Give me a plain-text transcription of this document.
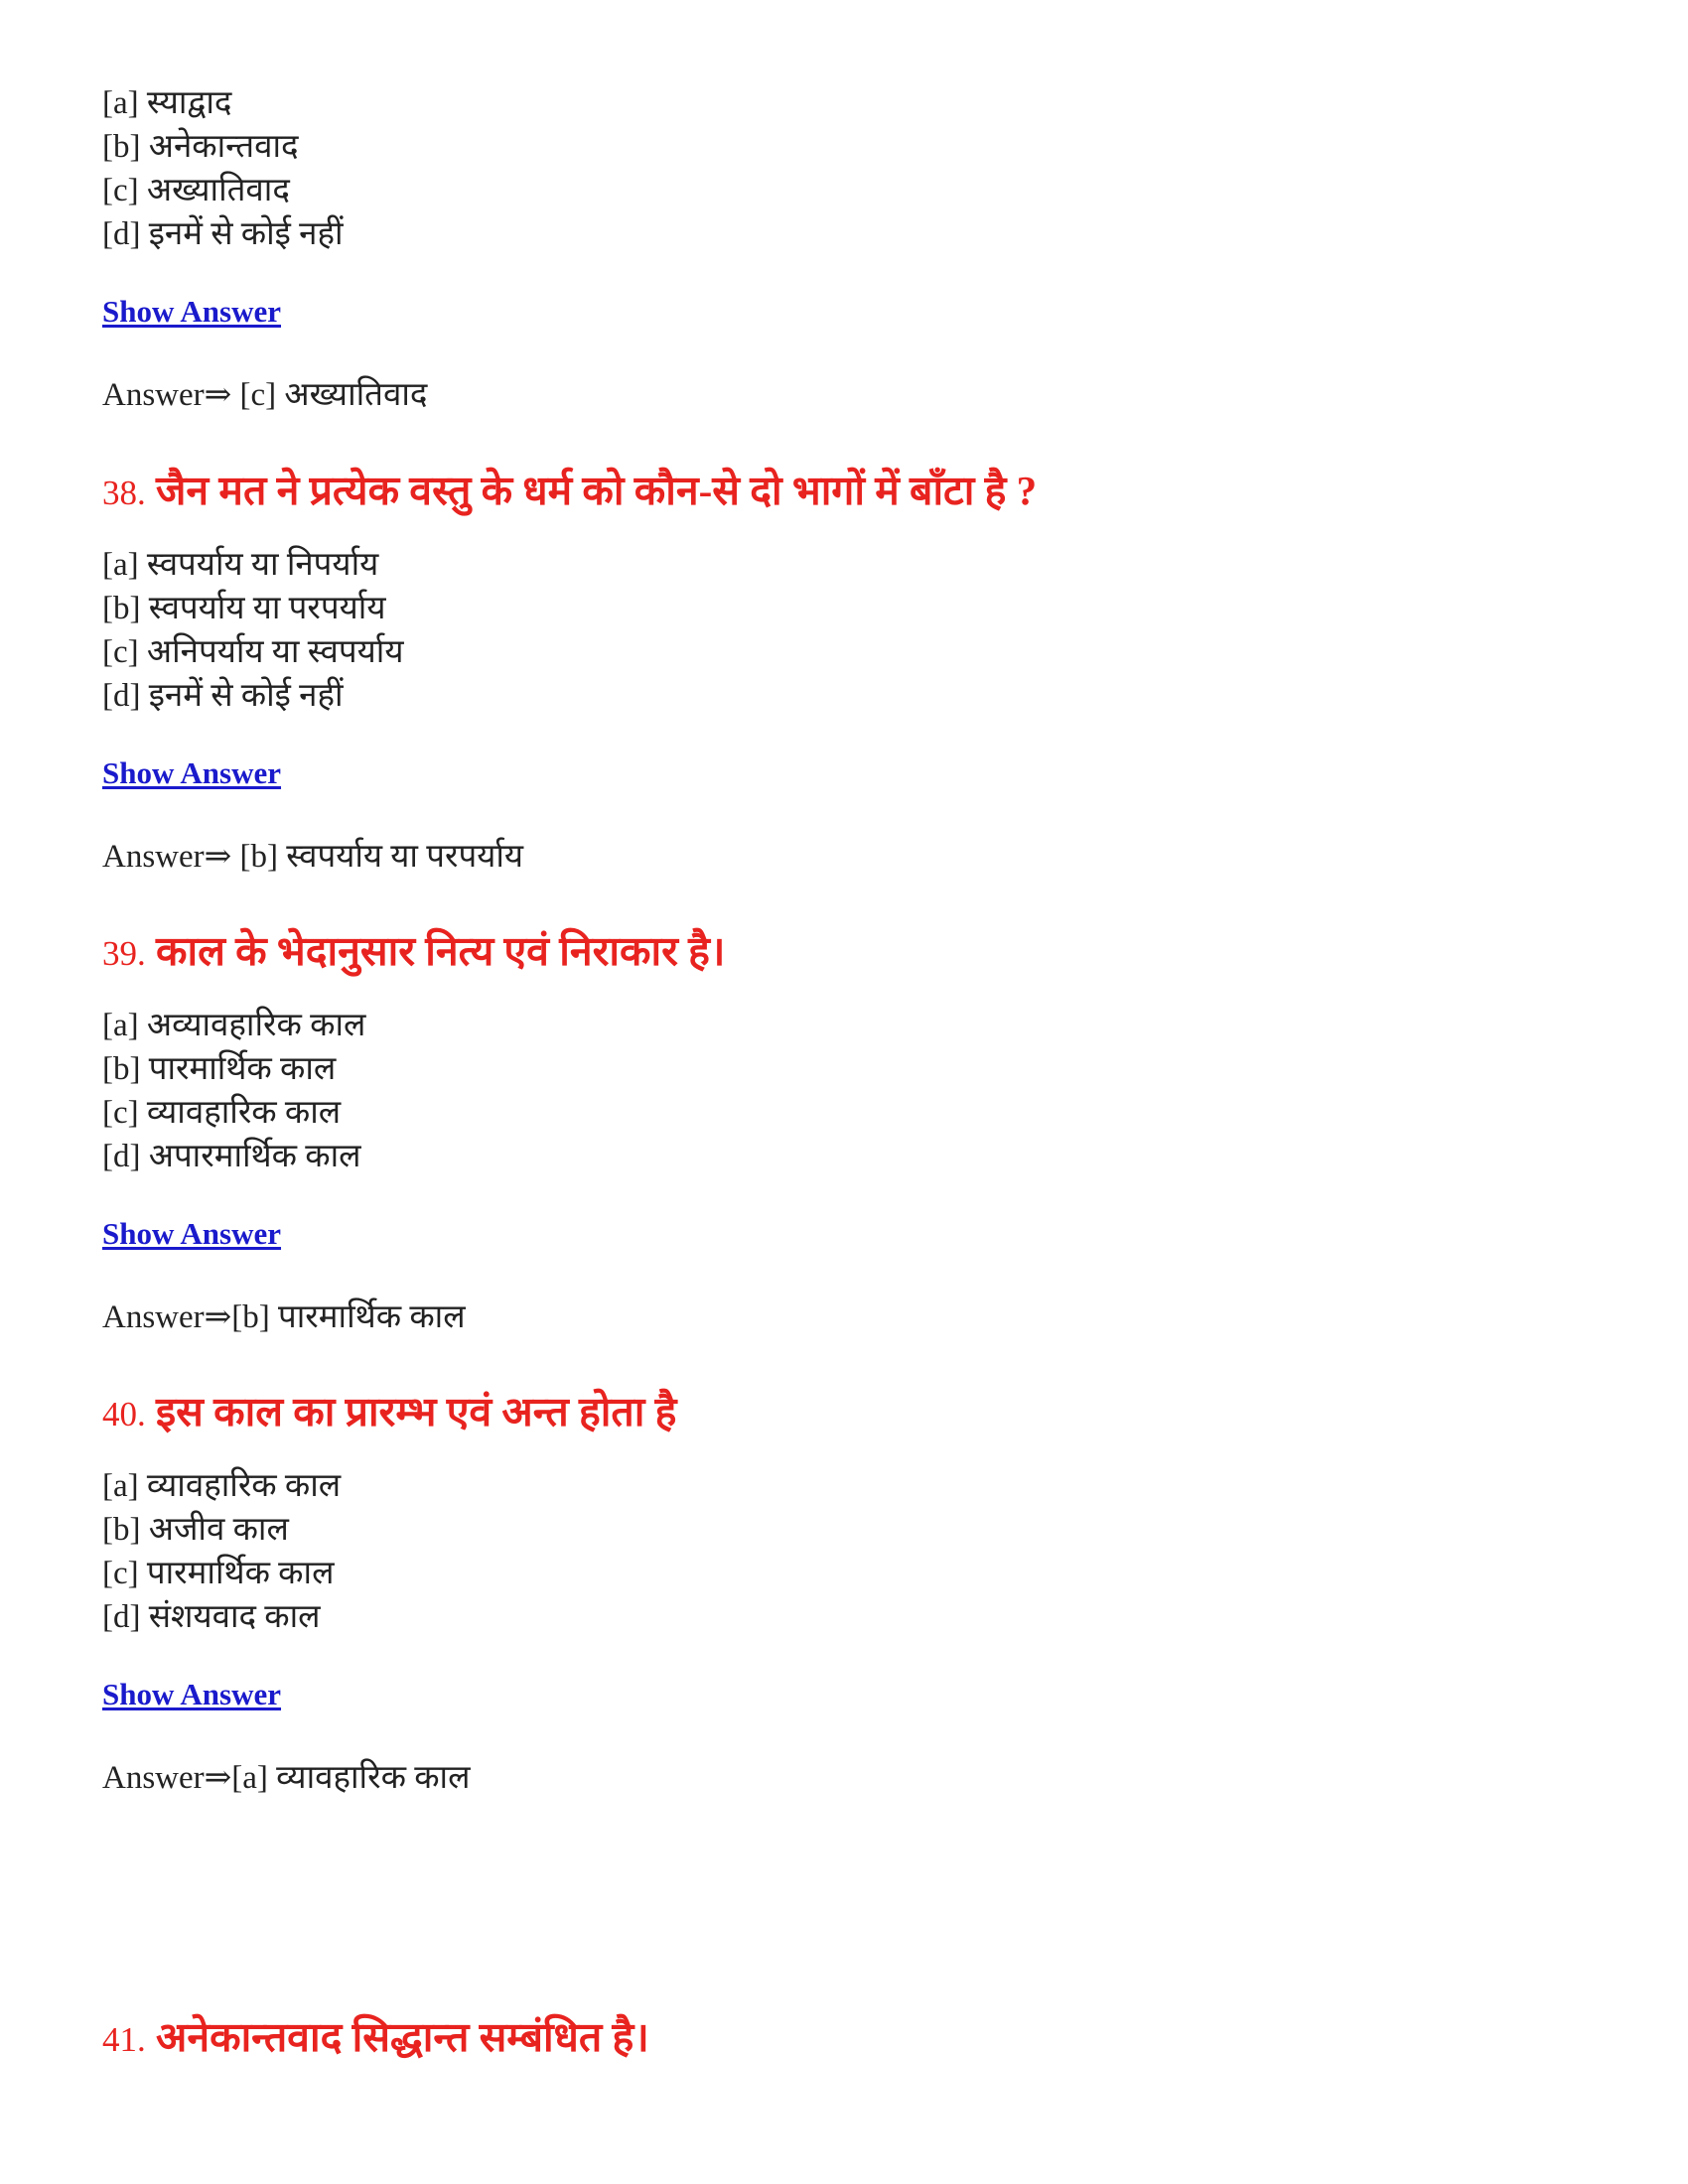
[a] स्याद्वाद
[b] अनेकान्तवाद
[c] अख्यातिवाद
[d] इनमें से कोई नहीं
Show Answer
Answer⇒ [c] अख्यातिवाद
38. जैन मत ने प्रत्येक वस्तु के धर्म को कौन-से दो भागों में बाँटा है ?
[a] स्वपर्याय या निपर्याय
[b] स्वपर्याय या परपर्याय
[c] अनिपर्याय या स्वपर्याय
[d] इनमें से कोई नहीं
Show Answer
Answer⇒ [b] स्वपर्याय या परपर्याय
39. काल के भेदानुसार नित्य एवं निराकार है।
[a] अव्यावहारिक काल
[b] पारमार्थिक काल
[c] व्यावहारिक काल
[d] अपारमार्थिक काल
Show Answer
Answer⇒[b] पारमार्थिक काल
40. इस काल का प्रारम्भ एवं अन्त होता है
[a] व्यावहारिक काल
[b] अजीव काल
[c] पारमार्थिक काल
[d] संशयवाद काल
Show Answer
Answer⇒[a] व्यावहारिक काल
41. अनेकान्तवाद सिद्धान्त सम्बंधित है।
